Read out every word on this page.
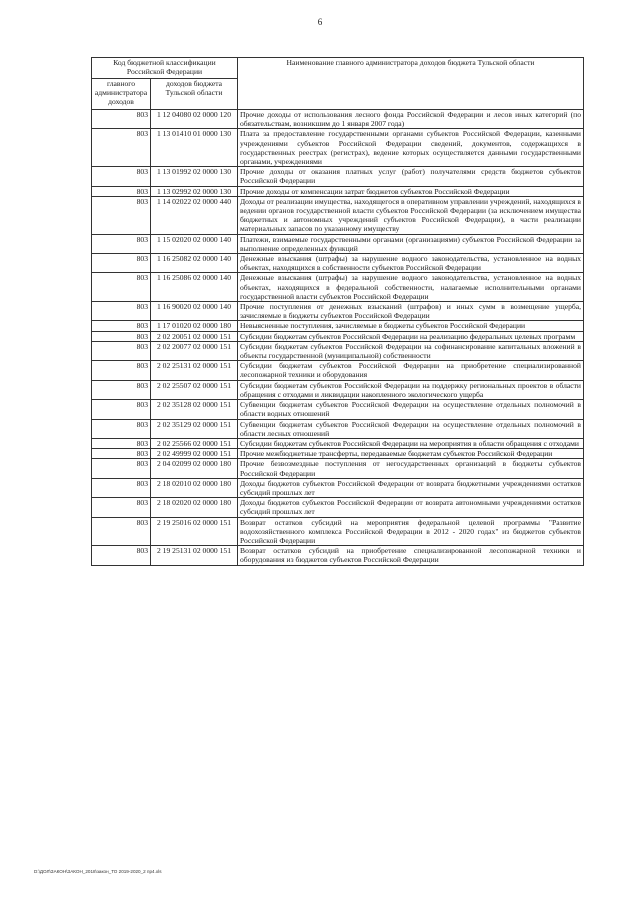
6
Код бюджетной классификации Российской Федерации		Наименование главного администратора доходов бюджета Тульской области
главного администратора доходов	доходов бюджета Тульской области	
803	1 12 04080 02 0000 120	Прочие доходы от использования лесного фонда Российской Федерации и лесов иных категорий (по обязательствам, возникшим до 1 января 2007 года)
803	1 13 01410 01 0000 130	Плата за предоставление государственными органами субъектов Российской Федерации, казенными учреждениями субъектов Российской Федерации сведений, документов, содержащихся в государственных реестрах (регистрах), ведение которых осуществляется данными государственными органами, учреждениями
803	1 13 01992 02 0000 130	Прочие доходы от оказания платных услуг (работ) получателями средств бюджетов субъектов Российской Федерации
803	1 13 02992 02 0000 130	Прочие доходы от компенсации затрат бюджетов субъектов Российской Федерации
803	1 14 02022 02 0000 440	Доходы от реализации имущества, находящегося в оперативном управлении учреждений, находящихся в ведении органов государственной власти субъектов Российской Федерации (за исключением имущества бюджетных и автономных учреждений субъектов Российской Федерации), в части реализации материальных запасов по указанному имуществу
803	1 15 02020 02 0000 140	Платежи, взимаемые государственными органами (организациями) субъектов Российской Федерации за выполнение определенных функций
803	1 16 25082 02 0000 140	Денежные взыскания (штрафы) за нарушение водного законодательства, установленное на водных объектах, находящихся в собственности субъектов Российской Федерации
803	1 16 25086 02 0000 140	Денежные взыскания (штрафы) за нарушение водного законодательства, установленное на водных объектах, находящихся в федеральной собственности, налагаемые исполнительными органами государственной власти субъектов Российской Федерации
803	1 16 90020 02 0000 140	Прочие поступления от денежных взысканий (штрафов) и иных сумм в возмещение ущерба, зачисляемые в бюджеты субъектов Российской Федерации
803	1 17 01020 02 0000 180	Невыясненные поступления, зачисляемые в бюджеты субъектов Российской Федерации
803	2 02 20051 02 0000 151	Субсидии бюджетам субъектов Российской Федерации на реализацию федеральных целевых программ
803	2 02 20077 02 0000 151	Субсидии бюджетам субъектов Российской Федерации на софинансирование капитальных вложений в объекты государственной (муниципальной) собственности
803	2 02 25131 02 0000 151	Субсидии бюджетам субъектов Российской Федерации на приобретение специализированной лесопожарной техники и оборудования
803	2 02 25507 02 0000 151	Субсидии бюджетам субъектов Российской Федерации на поддержку региональных проектов в области обращения с отходами и ликвидации накопленного экологического ущерба
803	2 02 35128 02 0000 151	Субвенции бюджетам субъектов Российской Федерации на осуществление отдельных полномочий в области водных отношений
803	2 02 35129 02 0000 151	Субвенции бюджетам субъектов Российской Федерации на осуществление отдельных полномочий в области лесных отношений
803	2 02 25566 02 0000 151	Субсидии бюджетам субъектов Российской Федерации на мероприятия в области обращения с отходами
803	2 02 49999 02 0000 151	Прочие межбюджетные трансферты, передаваемые бюджетам субъектов Российской Федерации
803	2 04 02099 02 0000 180	Прочие безвозмездные поступления от негосударственных организаций в бюджеты субъектов Российской Федерации
803	2 18 02010 02 0000 180	Доходы бюджетов субъектов Российской Федерации от возврата бюджетными учреждениями остатков субсидий прошлых лет
803	2 18 02020 02 0000 180	Доходы бюджетов субъектов Российской Федерации от возврата автономными учреждениями остатков субсидий прошлых лет
803	2 19 25016 02 0000 151	Возврат остатков субсидий на мероприятия федеральной целевой программы "Развитие водохозяйственного комплекса Российской Федерации в 2012 - 2020 годах" из бюджетов субъектов Российской Федерации
803	2 19 25131 02 0000 151	Возврат остатков субсидий на приобретение специализированной лесопожарной техники и оборудования из бюджетов субъектов Российской Федерации
D:\ДОЛ\ЗАКОН\ЗАКОН_2018\закон_ТО 2019-2020_2 пр4.xls
